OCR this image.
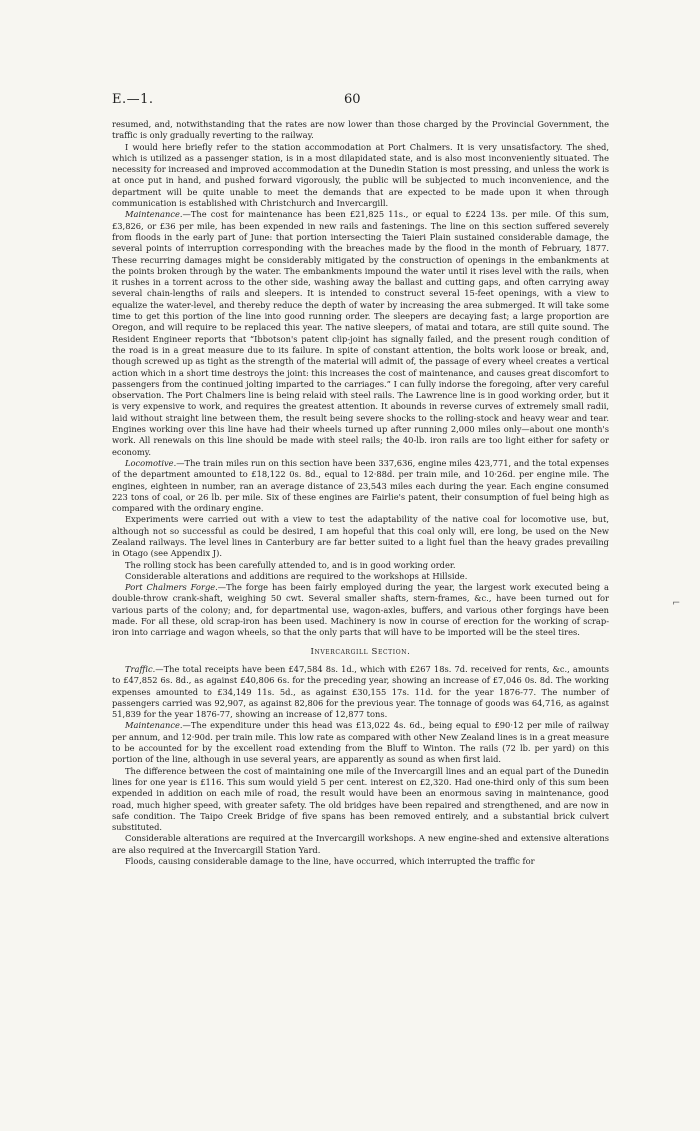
E.—1.	60

resumed, and, notwithstanding that the rates are now lower than those charged by the Provincial Government, the traffic is only gradually reverting to the railway.

I would here briefly refer to the station accommodation at Port Chalmers. It is very unsatisfactory. The shed, which is utilized as a passenger station, is in a most dilapidated state, and is also most inconveniently situated. The necessity for increased and improved accommodation at the Dunedin Station is most pressing, and unless the work is at once put in hand, and pushed forward vigorously, the public will be subjected to much inconvenience, and the department will be quite unable to meet the demands that are expected to be made upon it when through communication is established with Christchurch and Invercargill.

Maintenance.—The cost for maintenance has been £21,825 11s., or equal to £224 13s. per mile. Of this sum, £3,826, or £36 per mile, has been expended in new rails and fastenings. The line on this section suffered severely from floods in the early part of June: that portion intersecting the Taieri Plain sustained considerable damage, the several points of interruption corresponding with the breaches made by the flood in the month of February, 1877. These recurring damages might be considerably mitigated by the construction of openings in the embankments at the points broken through by the water. The embankments impound the water until it rises level with the rails, when it rushes in a torrent across to the other side, washing away the ballast and cutting gaps, and often carrying away several chain-lengths of rails and sleepers. It is intended to construct several 15-feet openings, with a view to equalize the water-level, and thereby reduce the depth of water by increasing the area submerged. It will take some time to get this portion of the line into good running order. The sleepers are decaying fast; a large proportion are Oregon, and will require to be replaced this year. The native sleepers, of matai and totara, are still quite sound. The Resident Engineer reports that “Ibbotson's patent clip-joint has signally failed, and the present rough condition of the road is in a great measure due to its failure. In spite of constant attention, the bolts work loose or break, and, though screwed up as tight as the strength of the material will admit of, the passage of every wheel creates a vertical action which in a short time destroys the joint: this increases the cost of maintenance, and causes great discomfort to passengers from the continued jolting imparted to the carriages.” I can fully indorse the foregoing, after very careful observation. The Port Chalmers line is being relaid with steel rails. The Lawrence line is in good working order, but it is very expensive to work, and requires the greatest attention. It abounds in reverse curves of extremely small radii, laid without straight line between them, the result being severe shocks to the rolling-stock and heavy wear and tear. Engines working over this line have had their wheels turned up after running 2,000 miles only—about one month's work. All renewals on this line should be made with steel rails; the 40-lb. iron rails are too light either for safety or economy.

Locomotive.—The train miles run on this section have been 337,636, engine miles 423,771, and the total expenses of the department amounted to £18,122 0s. 8d., equal to 12·88d. per train mile, and 10·26d. per engine mile. The engines, eighteen in number, ran an average distance of 23,543 miles each during the year. Each engine consumed 223 tons of coal, or 26 lb. per mile. Six of these engines are Fairlie's patent, their consumption of fuel being high as compared with the ordinary engine.

Experiments were carried out with a view to test the adaptability of the native coal for locomotive use, but, although not so successful as could be desired, I am hopeful that this coal only will, ere long, be used on the New Zealand railways. The level lines in Canterbury are far better suited to a light fuel than the heavy grades prevailing in Otago (see Appendix J).

The rolling stock has been carefully attended to, and is in good working order.

Considerable alterations and additions are required to the workshops at Hillside.

Port Chalmers Forge.—The forge has been fairly employed during the year, the largest work executed being a double-throw crank-shaft, weighing 50 cwt. Several smaller shafts, stern-frames, &c., have been turned out for various parts of the colony; and, for departmental use, wagon-axles, buffers, and various other forgings have been made. For all these, old scrap-iron has been used. Machinery is now in course of erection for the working of scrap-iron into carriage and wagon wheels, so that the only parts that will have to be imported will be the steel tires.

Invercargill Section.

Traffic.—The total receipts have been £47,584 8s. 1d., which with £267 18s. 7d. received for rents, &c., amounts to £47,852 6s. 8d., as against £40,806 6s. for the preceding year, showing an increase of £7,046 0s. 8d. The working expenses amounted to £34,149 11s. 5d., as against £30,155 17s. 11d. for the year 1876-77. The number of passengers carried was 92,907, as against 82,806 for the previous year. The tonnage of goods was 64,716, as against 51,839 for the year 1876-77, showing an increase of 12,877 tons.

Maintenance.—The expenditure under this head was £13,022 4s. 6d., being equal to £90·12 per mile of railway per annum, and 12·90d. per train mile. This low rate as compared with other New Zealand lines is in a great measure to be accounted for by the excellent road extending from the Bluff to Winton. The rails (72 lb. per yard) on this portion of the line, although in use several years, are apparently as sound as when first laid.

The difference between the cost of maintaining one mile of the Invercargill lines and an equal part of the Dunedin lines for one year is £116. This sum would yield 5 per cent. interest on £2,320. Had one-third only of this sum been expended in addition on each mile of road, the result would have been an enormous saving in maintenance, good road, much higher speed, with greater safety. The old bridges have been repaired and strengthened, and are now in safe condition. The Taipo Creek Bridge of five spans has been removed entirely, and a substantial brick culvert substituted.

Considerable alterations are required at the Invercargill workshops. A new engine-shed and extensive alterations are also required at the Invercargill Station Yard.

Floods, causing considerable damage to the line, have occurred, which interrupted the traffic for

⌐
